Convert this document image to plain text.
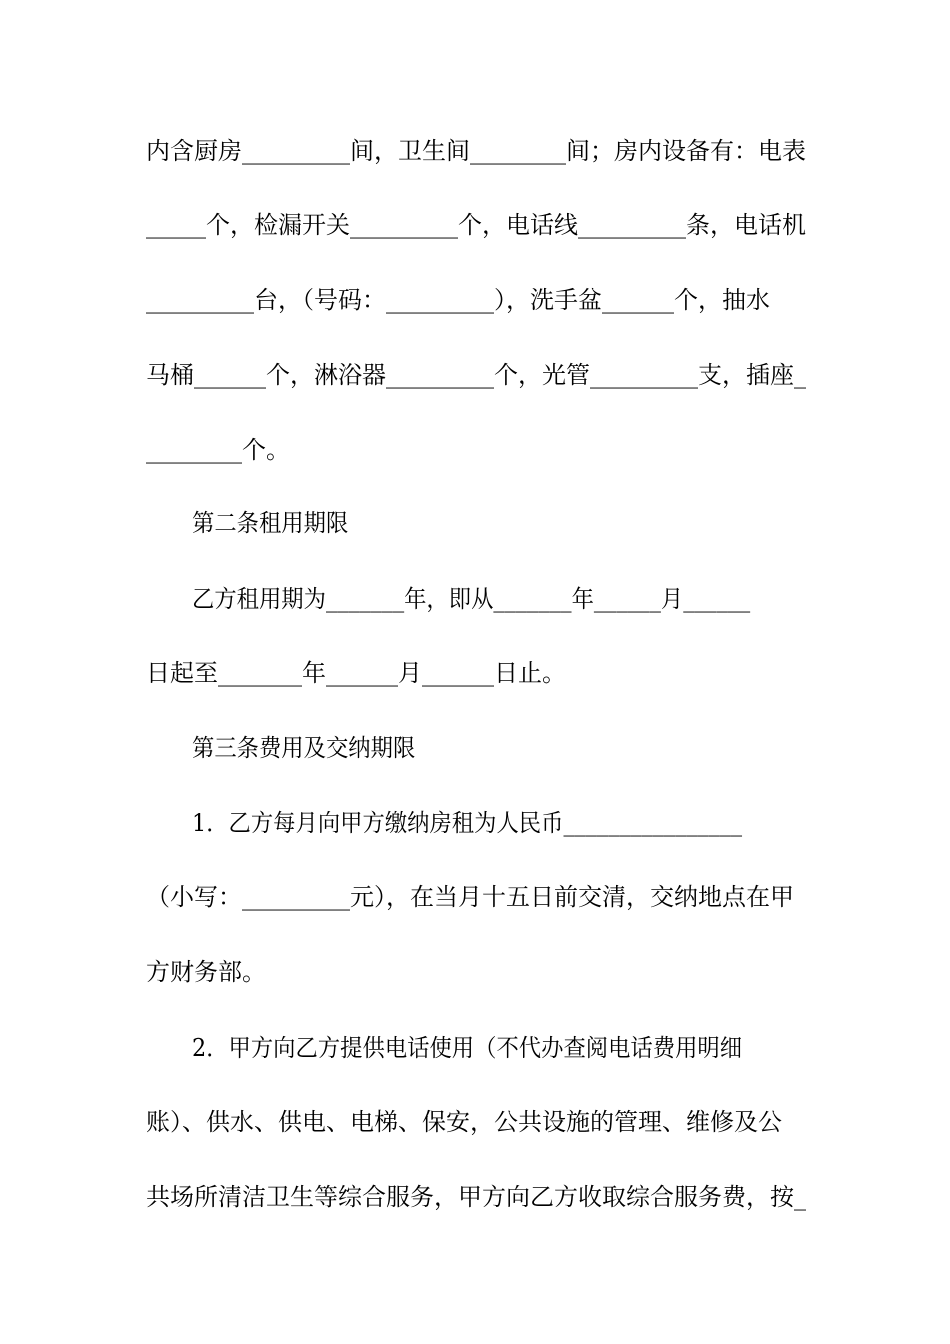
内含厨房_________间，卫生间________间；房内设备有：电表
_____个，检漏开关_________个，电话线_________条，电话机
_________台，（号码：_________），洗手盆______个，抽水
马桶______个，淋浴器_________个，光管_________支，插座_
________个。
第二条租用期限
乙方租用期为_______年，即从_______年______月______
日起至_______年______月______日止。
第三条费用及交纳期限
1．乙方每月向甲方缴纳房租为人民币________________
（小写：_________元），在当月十五日前交清，交纳地点在甲
方财务部。
2．甲方向乙方提供电话使用（不代办查阅电话费用明细
账）、供水、供电、电梯、保安，公共设施的管理、维修及公
共场所清洁卫生等综合服务，甲方向乙方收取综合服务费，按_
